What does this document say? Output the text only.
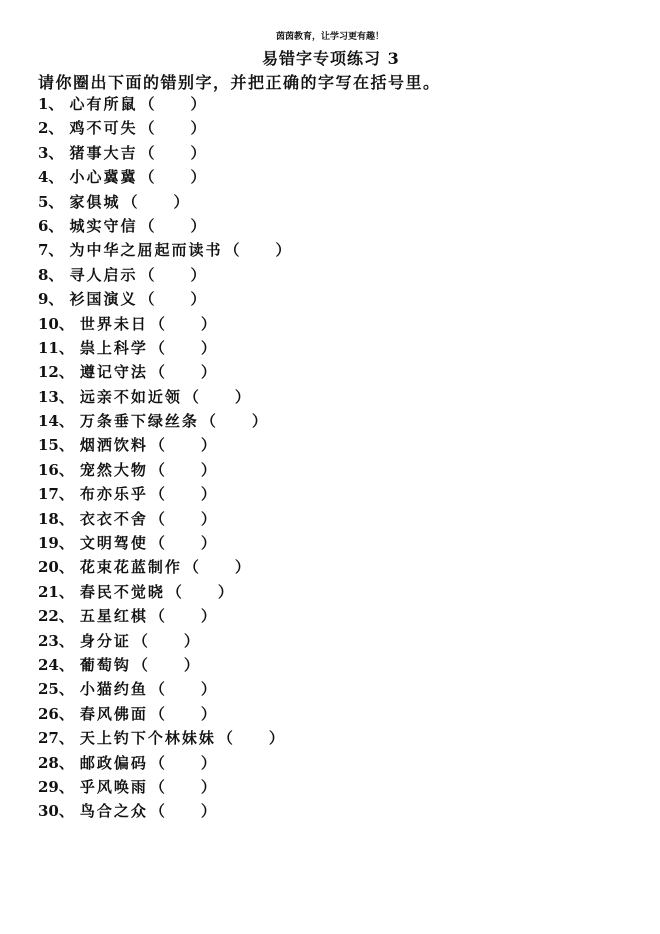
茵茵教育，让学习更有趣！
易错字专项练习 3
请你圈出下面的错别字，并把正确的字写在括号里。
1、 心有所鼠 （ ）
2、 鸡不可失 （ ）
3、 猪事大吉 （ ）
4、 小心冀冀 （ ）
5、 家俱城 （ ）
6、 城实守信 （ ）
7、 为中华之屈起而读书 （ ）
8、 寻人启示 （ ）
9、 衫国演义 （ ）
10、 世界未日 （ ）
11、 祟上科学 （ ）
12、 遵记守法 （ ）
13、 远亲不如近领 （ ）
14、 万条垂下绿丝条 （ ）
15、 烟洒饮料 （ ）
16、 宠然大物 （ ）
17、 布亦乐乎 （ ）
18、 衣衣不舍 （ ）
19、 文明驾使 （ ）
20、 花束花蓝制作 （ ）
21、 春民不觉晓 （ ）
22、 五星红棋 （ ）
23、 身分证 （ ）
24、 葡萄钩 （ ）
25、 小猫约鱼 （ ）
26、 春风佛面 （ ）
27、 天上钓下个林妹妹 （ ）
28、 邮政偏码 （ ）
29、 乎风唤雨 （ ）
30、 鸟合之众 （ ）
